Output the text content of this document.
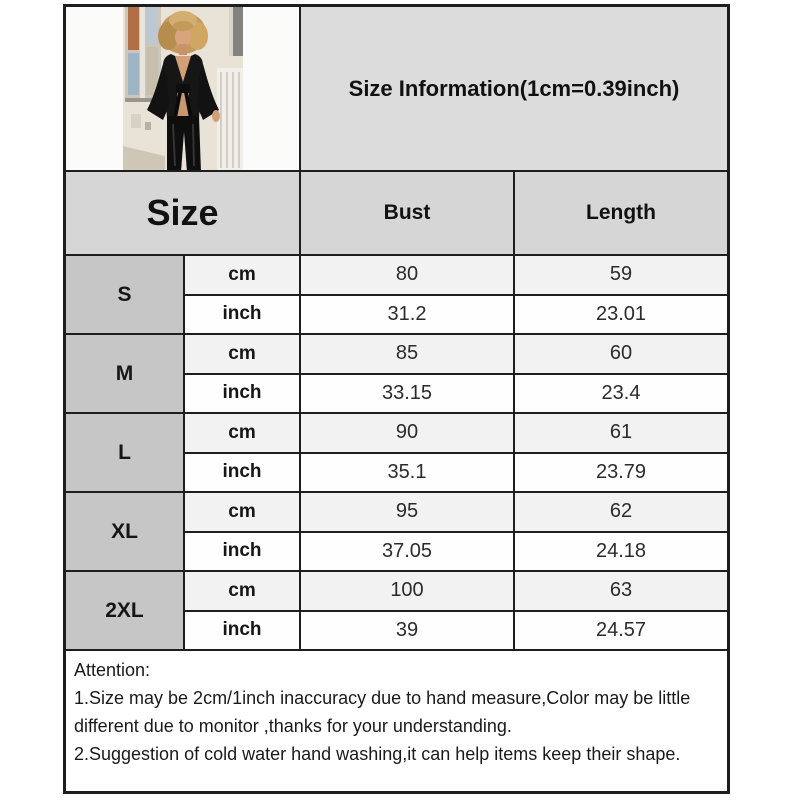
Size Information(1cm=0.39inch)
Size	Bust	Length
S
cm	80	59
inch	31.2	23.01
M
cm	85	60
inch	33.15	23.4
L
cm	90	61
inch	35.1	23.79
XL
cm	95	62
inch	37.05	24.18
2XL
cm	100	63
inch	39	24.57
Attention:
1.Size may be 2cm/1inch inaccuracy due to hand measure,Color may be little
different due to monitor ,thanks for your understanding.
2.Suggestion of cold water hand washing,it can help items keep their shape.
